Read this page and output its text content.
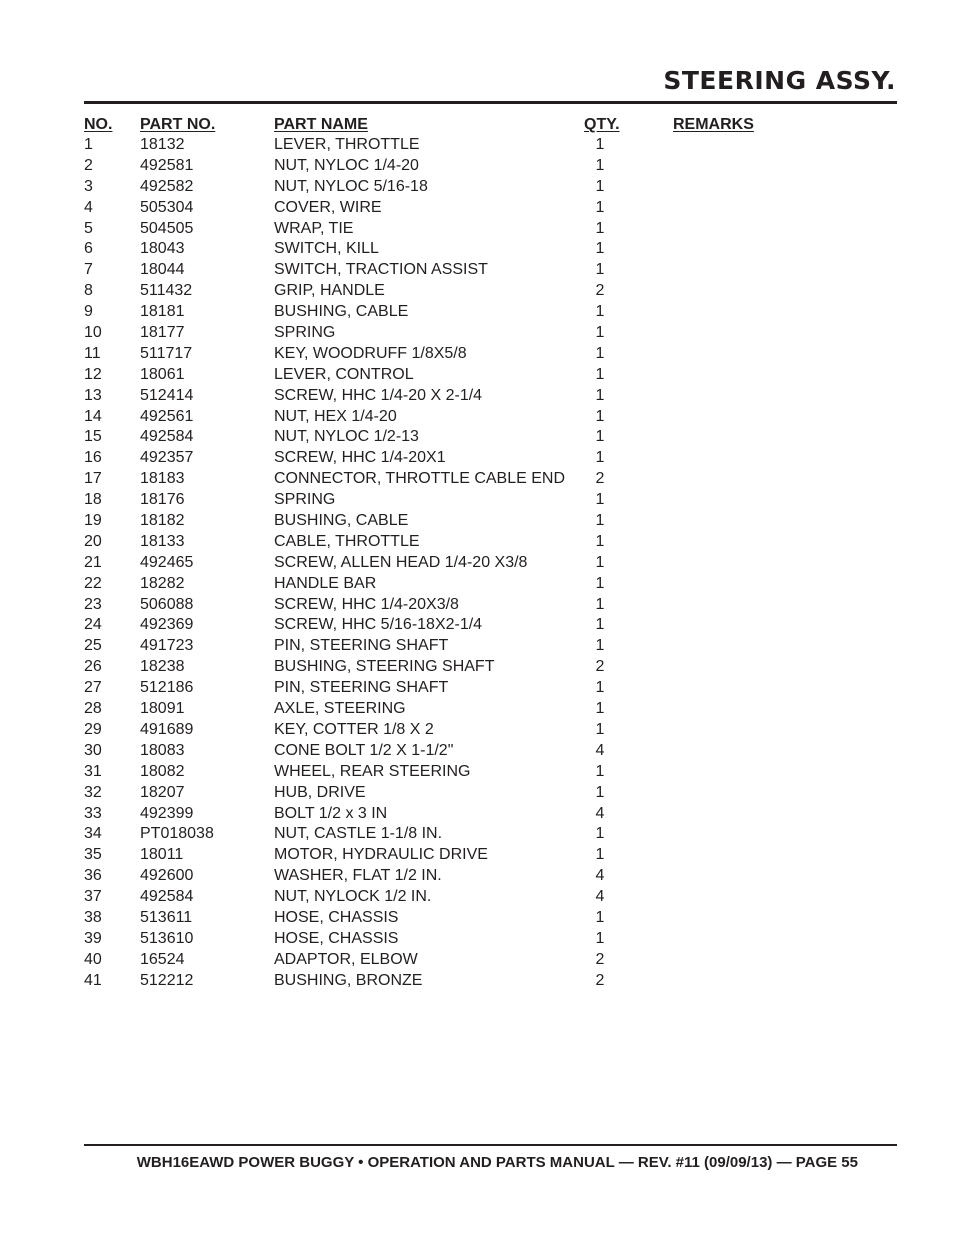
STEERING ASSY.
NO. PART NO.	PART NAME	QTY.	REMARKS
1	18132	LEVER, THROTTLE	1
2	492581	NUT, NYLOC 1/4-20	1
3	492582	NUT, NYLOC 5/16-18	1
4	505304	COVER, WIRE	1
5	504505	WRAP, TIE	1
6	18043	SWITCH, KILL	1
7	18044	SWITCH, TRACTION ASSIST	1
8	511432	GRIP, HANDLE	2
9	18181	BUSHING, CABLE	1
10 18177	SPRING	1
11 511717	KEY, WOODRUFF 1/8X5/8	1
12 18061	LEVER, CONTROL	1
13 512414	SCREW, HHC 1/4-20 X 2-1/4	1
14 492561	NUT, HEX 1/4-20	1
15 492584	NUT, NYLOC 1/2-13	1
16 492357	SCREW, HHC 1/4-20X1	1
17 18183	CONNECTOR, THROTTLE CABLE END	2
18 18176	SPRING	1
19 18182	BUSHING, CABLE	1
20 18133	CABLE, THROTTLE	1
21 492465	SCREW, ALLEN HEAD 1/4-20 X3/8	1
22 18282	HANDLE BAR	1
23 506088	SCREW, HHC 1/4-20X3/8	1
24 492369	SCREW, HHC 5/16-18X2-1/4	1
25 491723	PIN, STEERING SHAFT	1
26 18238	BUSHING, STEERING SHAFT	2
27 512186	PIN, STEERING SHAFT	1
28 18091	AXLE, STEERING	1
29 491689	KEY, COTTER 1/8 X 2	1
30 18083	CONE BOLT 1/2 X 1-1/2"	4
31 18082	WHEEL, REAR STEERING	1
32 18207	HUB, DRIVE	1
33 492399	BOLT 1/2 x 3 IN	4
34 PT018038	NUT, CASTLE 1-1/8 IN.	1
35 18011	MOTOR, HYDRAULIC DRIVE	1
36 492600	WASHER, FLAT 1/2 IN.	4
37 492584	NUT, NYLOCK 1/2 IN.	4
38 513611	HOSE, CHASSIS	1
39 513610	HOSE, CHASSIS	1
40 16524	ADAPTOR, ELBOW	2
41 512212	BUSHING, BRONZE	2
WBH16EAWD POWER BUGGY • OPERATION AND PARTS MANUAL — REV. #11 (09/09/13) — PAGE 55
